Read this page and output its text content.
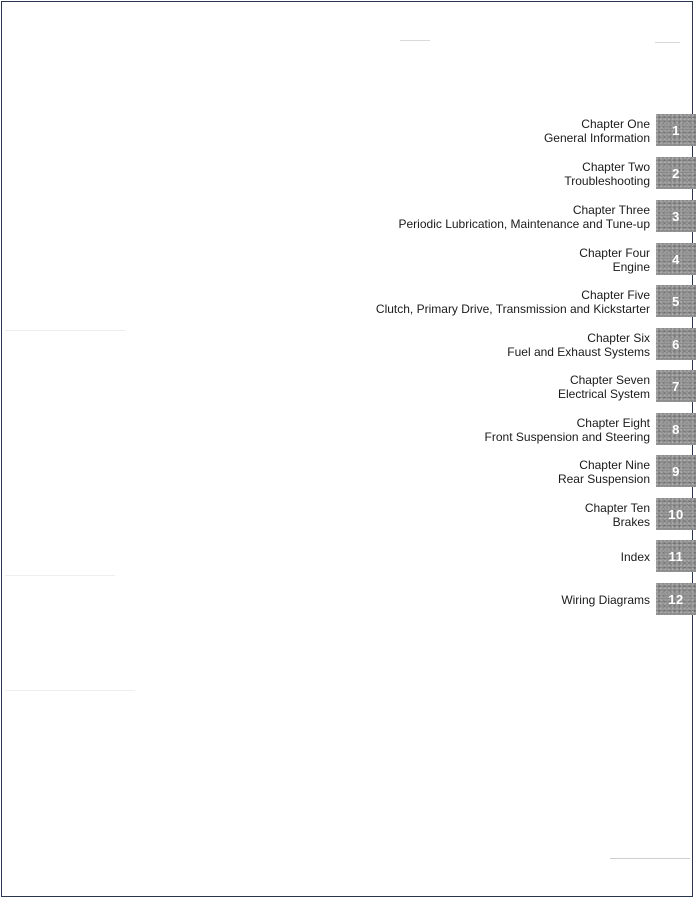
Chapter One
General Information
1
Chapter Two
Troubleshooting
2
Chapter Three
Periodic Lubrication, Maintenance and Tune-up
3
Chapter Four
Engine
4
Chapter Five
Clutch, Primary Drive, Transmission and Kickstarter
5
Chapter Six
Fuel and Exhaust Systems
6
Chapter Seven
Electrical System
7
Chapter Eight
Front Suspension and Steering
8
Chapter Nine
Rear Suspension
9
Chapter Ten
Brakes
10
Index	11
Wiring Diagrams	12
